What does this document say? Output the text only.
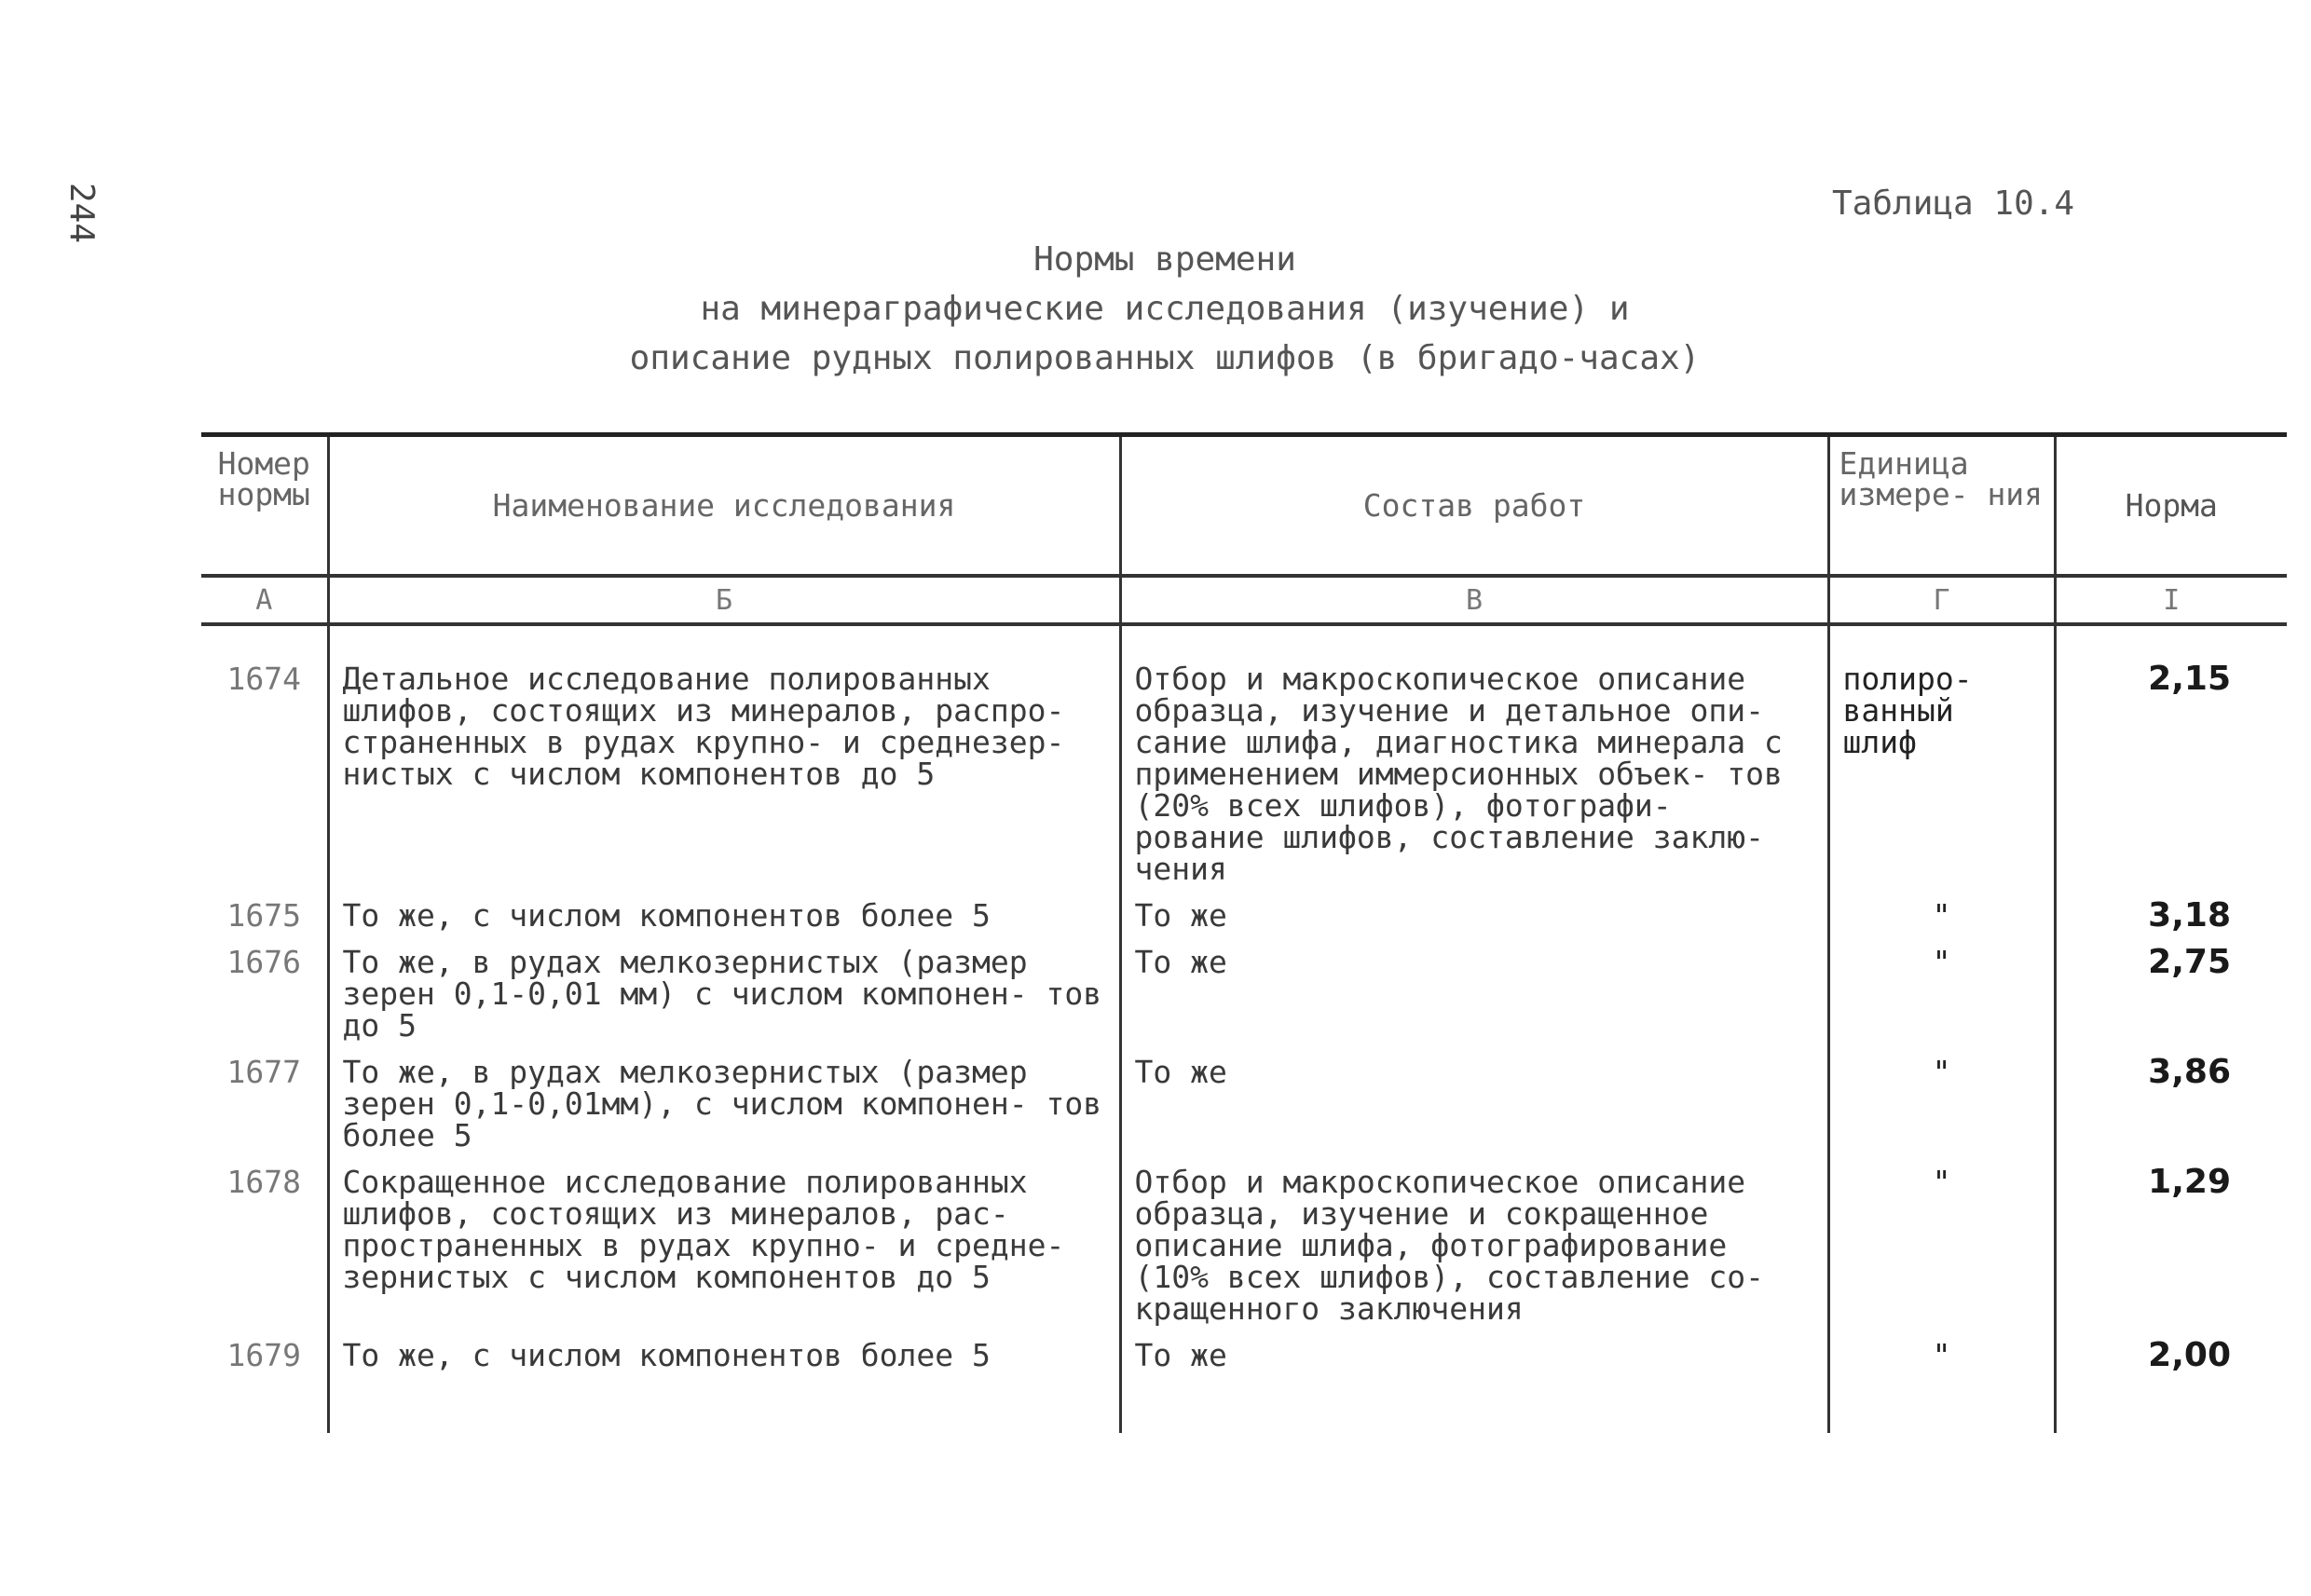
244	Таблица 10.4
Нормы времени
на минераграфические исследования (изучение) и
описание рудных полированных шлифов (в бригадо-часах)
Номер нормы	Наименование исследования	Состав работ	Единица измере- ния	Норма
А	Б	В	Г	I
1674	Детальное исследование полированных шлифов, состоящих из минералов, распро- страненных в рудах крупно- и среднезер- нистых с числом компонентов до 5	Отбор и макроскопическое описание образца, изучение и детальное опи- сание шлифа, диагностика минерала с применением иммерсионных объек- тов (20% всех шлифов), фотографи- рование шлифов, составление заклю- чения	полиро- ванный шлиф	2,15
1675	То же, с числом компонентов более 5	То же	"	3,18
1676	То же, в рудах мелкозернистых (размер зерен 0,1-0,01 мм) с числом компонен- тов до 5	То же	"	2,75
1677	То же, в рудах мелкозернистых (размер зерен 0,1-0,01мм), с числом компонен- тов более 5	То же	"	3,86
1678	Сокращенное исследование полированных шлифов, состоящих из минералов, рас- пространенных в рудах крупно- и средне- зернистых с числом компонентов до 5	Отбор и макроскопическое описание образца, изучение и сокращенное описание шлифа, фотографирование (10% всех шлифов), составление со- кращенного заключения	"	1,29
1679	То же, с числом компонентов более 5	То же	"	2,00
